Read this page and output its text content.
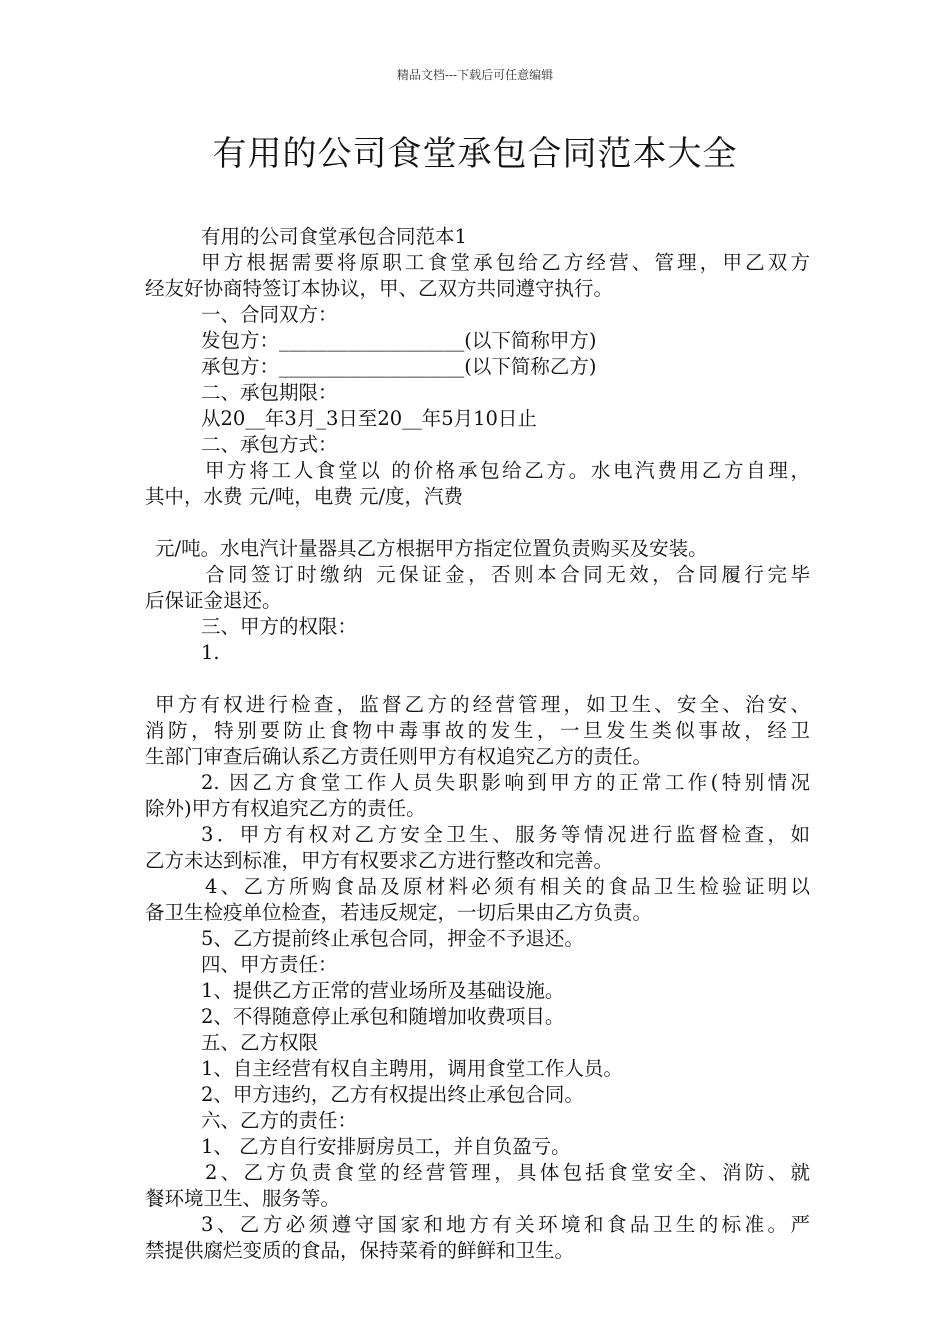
精品文档---下载后可任意编辑
有用的公司食堂承包合同范本大全
有用的公司食堂承包合同范本1
甲方根据需要将原职工食堂承包给乙方经营、管理，甲乙双方
经友好协商特签订本协议，甲、乙双方共同遵守执行。
一、合同双方：
发包方：___________________(以下简称甲方)
承包方：___________________(以下简称乙方)
二、承包期限：
从20__年3月_3日至20__年5月10日止
二、承包方式：
甲方将工人食堂以 的价格承包给乙方。水电汽费用乙方自理，
其中，水费 元/吨，电费 元/度，汽费
元/吨。水电汽计量器具乙方根据甲方指定位置负责购买及安装。
合同签订时缴纳 元保证金，否则本合同无效，合同履行完毕
后保证金退还。
三、甲方的权限：
1.
甲方有权进行检查，监督乙方的经营管理，如卫生、安全、治安、
消防，特别要防止食物中毒事故的发生，一旦发生类似事故，经卫
生部门审查后确认系乙方责任则甲方有权追究乙方的责任。
2. 因乙方食堂工作人员失职影响到甲方的正常工作(特别情况
除外)甲方有权追究乙方的责任。
3．甲方有权对乙方安全卫生、服务等情况进行监督检查，如
乙方未达到标准，甲方有权要求乙方进行整改和完善。
4、乙方所购食品及原材料必须有相关的食品卫生检验证明以
备卫生检疫单位检查，若违反规定，一切后果由乙方负责。
5、乙方提前终止承包合同，押金不予退还。
四、甲方责任：
1、提供乙方正常的营业场所及基础设施。
2、不得随意停止承包和随增加收费项目。
五、乙方权限
1、自主经营有权自主聘用，调用食堂工作人员。
2、甲方违约，乙方有权提出终止承包合同。
六、乙方的责任：
1、 乙方自行安排厨房员工，并自负盈亏。
2、乙方负责食堂的经营管理，具体包括食堂安全、消防、就
餐环境卫生、服务等。
3、乙方必须遵守国家和地方有关环境和食品卫生的标准。严
禁提供腐烂变质的食品，保持菜肴的鲜鲜和卫生。
